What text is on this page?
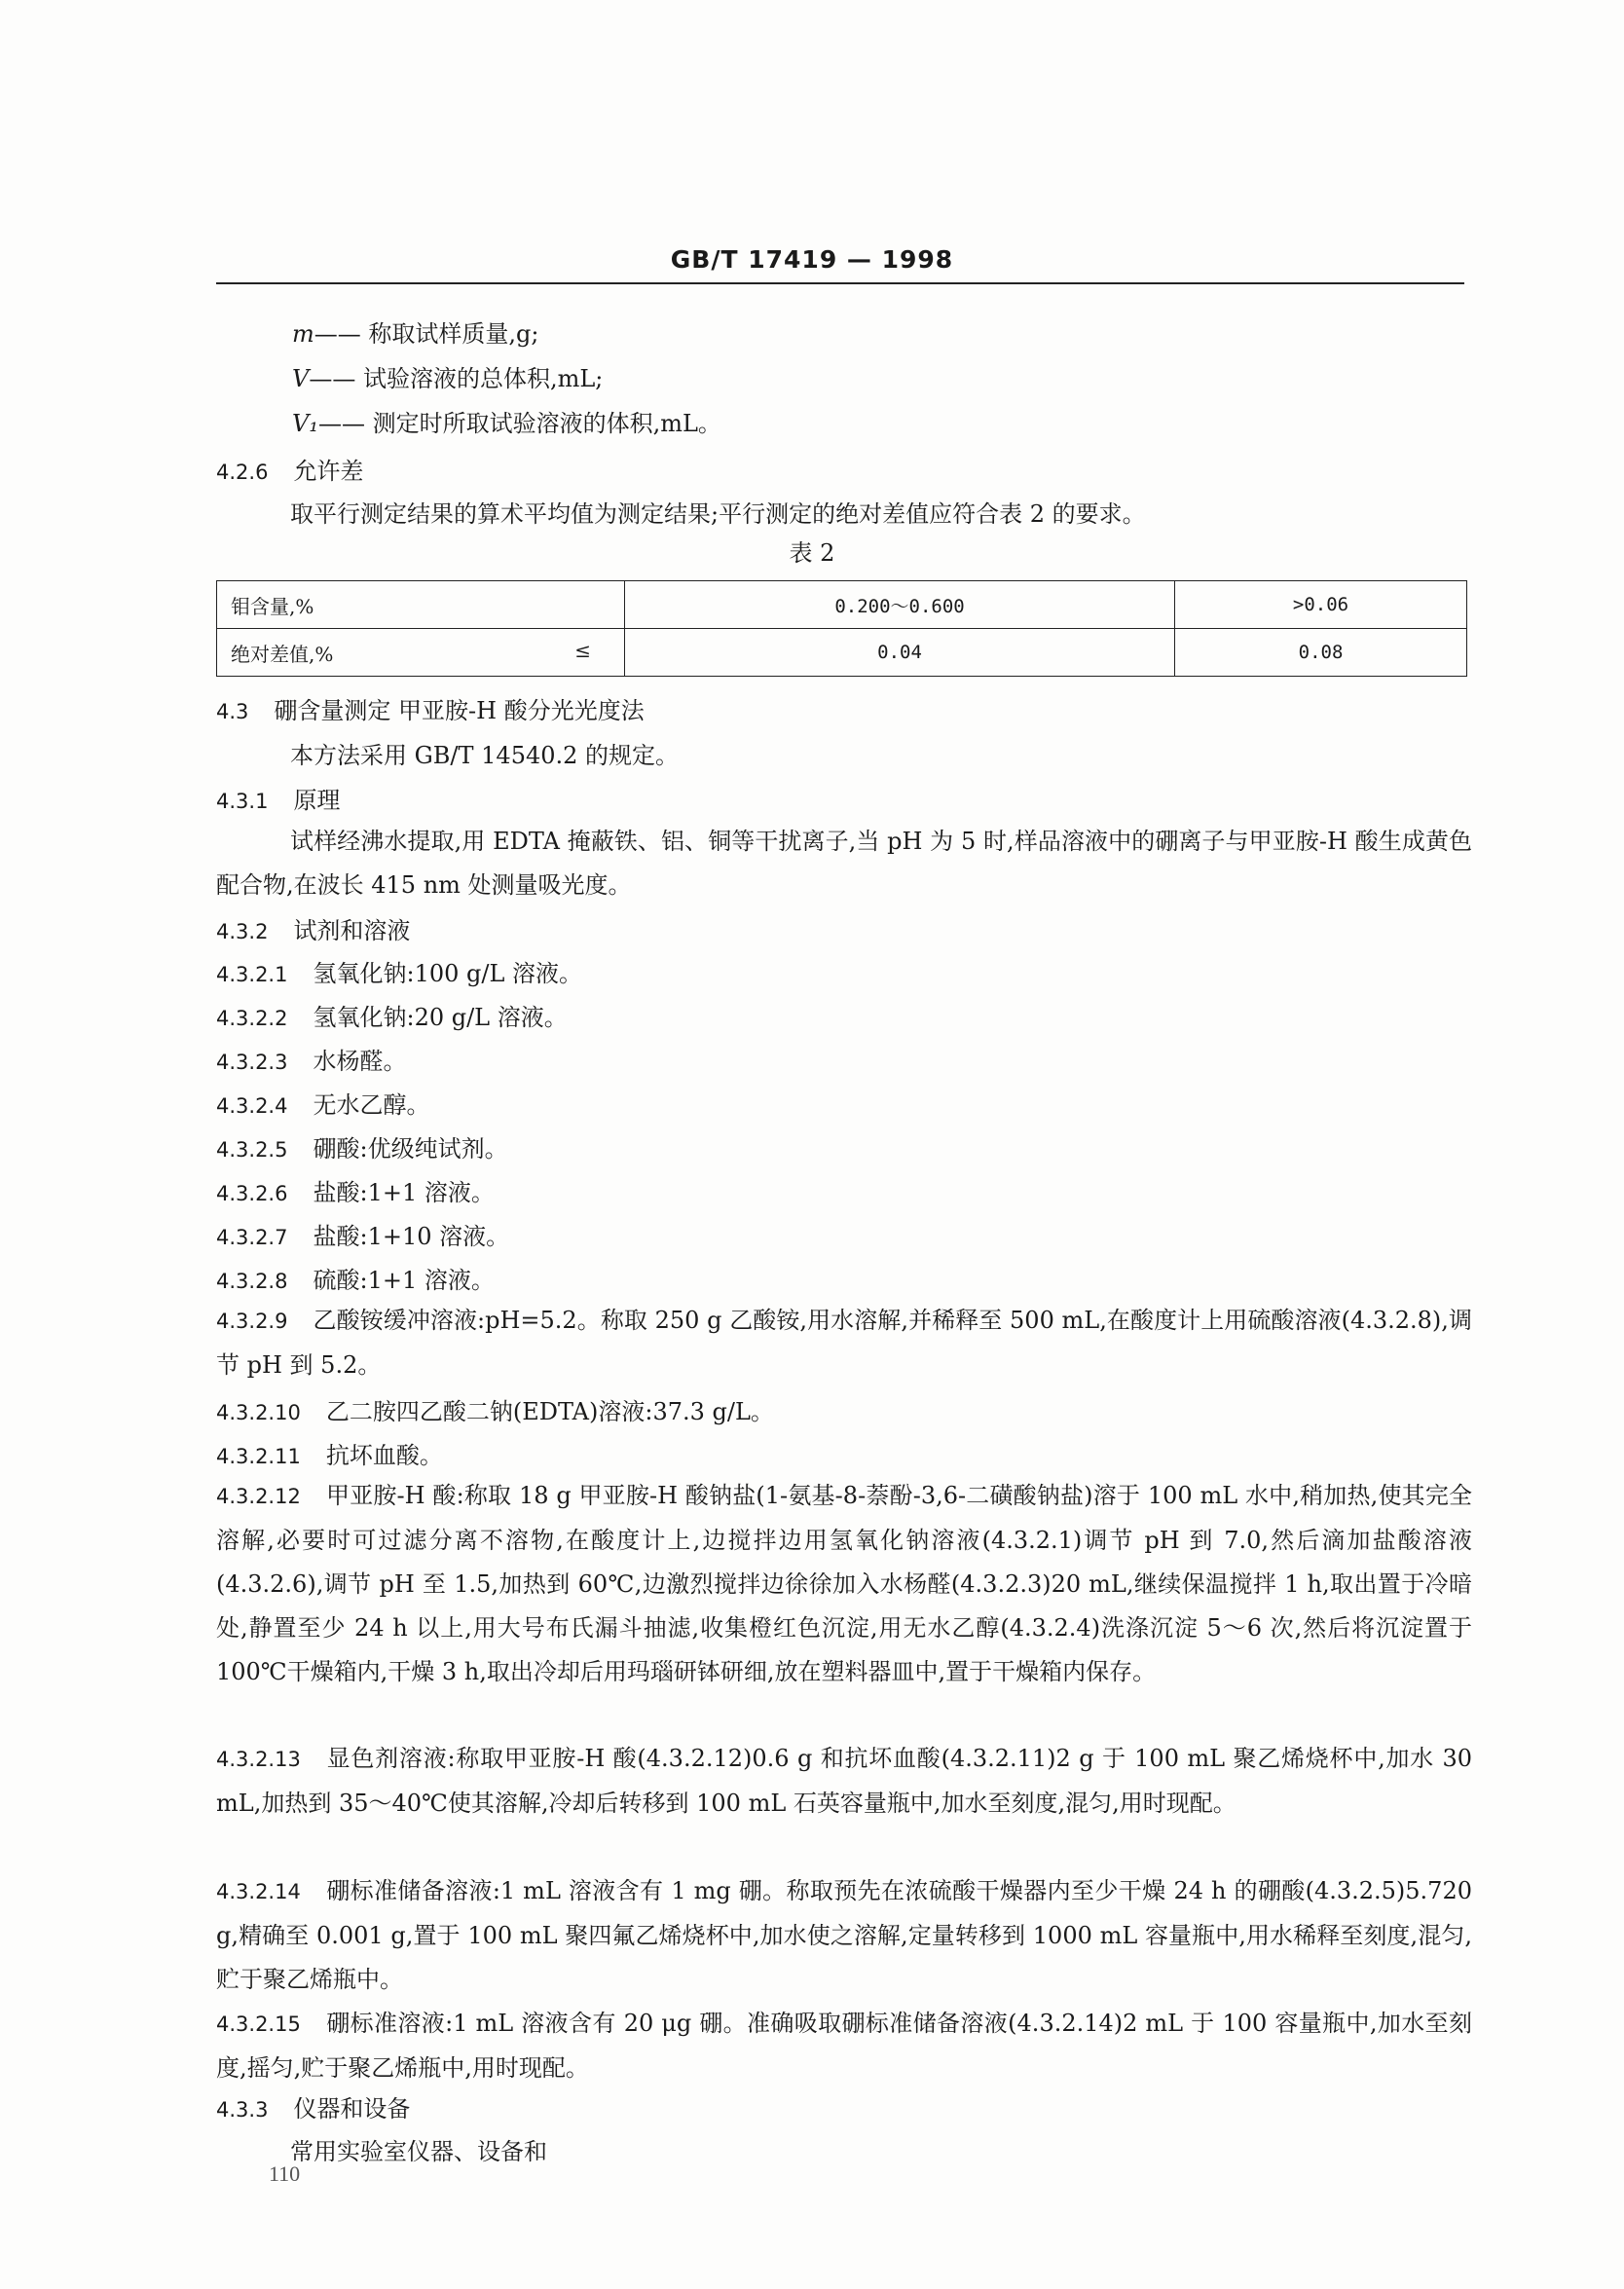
GB/T 17419 — 1998
m—— 称取试样质量,g;
V—— 试验溶液的总体积,mL;
V₁—— 测定时所取试验溶液的体积,mL。
4.2.6 允许差
取平行测定结果的算术平均值为测定结果;平行测定的绝对差值应符合表 2 的要求。
表 2
钼含量,%	0.200～0.600	>0.06
绝对差值,% ≤	0.04	0.08
4.3 硼含量测定 甲亚胺-H 酸分光光度法
本方法采用 GB/T 14540.2 的规定。
4.3.1 原理
试样经沸水提取,用 EDTA 掩蔽铁、铝、铜等干扰离子,当 pH 为 5 时,样品溶液中的硼离子与甲亚胺-H 酸生成黄色配合物,在波长 415 nm 处测量吸光度。
4.3.2 试剂和溶液
4.3.2.1 氢氧化钠:100 g/L 溶液。
4.3.2.2 氢氧化钠:20 g/L 溶液。
4.3.2.3 水杨醛。
4.3.2.4 无水乙醇。
4.3.2.5 硼酸:优级纯试剂。
4.3.2.6 盐酸:1+1 溶液。
4.3.2.7 盐酸:1+10 溶液。
4.3.2.8 硫酸:1+1 溶液。
4.3.2.9 乙酸铵缓冲溶液:pH=5.2。称取 250 g 乙酸铵,用水溶解,并稀释至 500 mL,在酸度计上用硫酸溶液(4.3.2.8),调节 pH 到 5.2。
4.3.2.10 乙二胺四乙酸二钠(EDTA)溶液:37.3 g/L。
4.3.2.11 抗坏血酸。
4.3.2.12 甲亚胺-H 酸:称取 18 g 甲亚胺-H 酸钠盐(1-氨基-8-萘酚-3,6-二磺酸钠盐)溶于 100 mL 水中,稍加热,使其完全溶解,必要时可过滤分离不溶物,在酸度计上,边搅拌边用氢氧化钠溶液(4.3.2.1)调节 pH 到 7.0,然后滴加盐酸溶液(4.3.2.6),调节 pH 至 1.5,加热到 60℃,边激烈搅拌边徐徐加入水杨醛(4.3.2.3)20 mL,继续保温搅拌 1 h,取出置于冷暗处,静置至少 24 h 以上,用大号布氏漏斗抽滤,收集橙红色沉淀,用无水乙醇(4.3.2.4)洗涤沉淀 5～6 次,然后将沉淀置于 100℃干燥箱内,干燥 3 h,取出冷却后用玛瑙研钵研细,放在塑料器皿中,置于干燥箱内保存。
4.3.2.13 显色剂溶液:称取甲亚胺-H 酸(4.3.2.12)0.6 g 和抗坏血酸(4.3.2.11)2 g 于 100 mL 聚乙烯烧杯中,加水 30 mL,加热到 35～40℃使其溶解,冷却后转移到 100 mL 石英容量瓶中,加水至刻度,混匀,用时现配。
4.3.2.14 硼标准储备溶液:1 mL 溶液含有 1 mg 硼。称取预先在浓硫酸干燥器内至少干燥 24 h 的硼酸(4.3.2.5)5.720 g,精确至 0.001 g,置于 100 mL 聚四氟乙烯烧杯中,加水使之溶解,定量转移到 1000 mL 容量瓶中,用水稀释至刻度,混匀,贮于聚乙烯瓶中。
4.3.2.15 硼标准溶液:1 mL 溶液含有 20 μg 硼。准确吸取硼标准储备溶液(4.3.2.14)2 mL 于 100 容量瓶中,加水至刻度,摇匀,贮于聚乙烯瓶中,用时现配。
4.3.3 仪器和设备
常用实验室仪器、设备和
110
